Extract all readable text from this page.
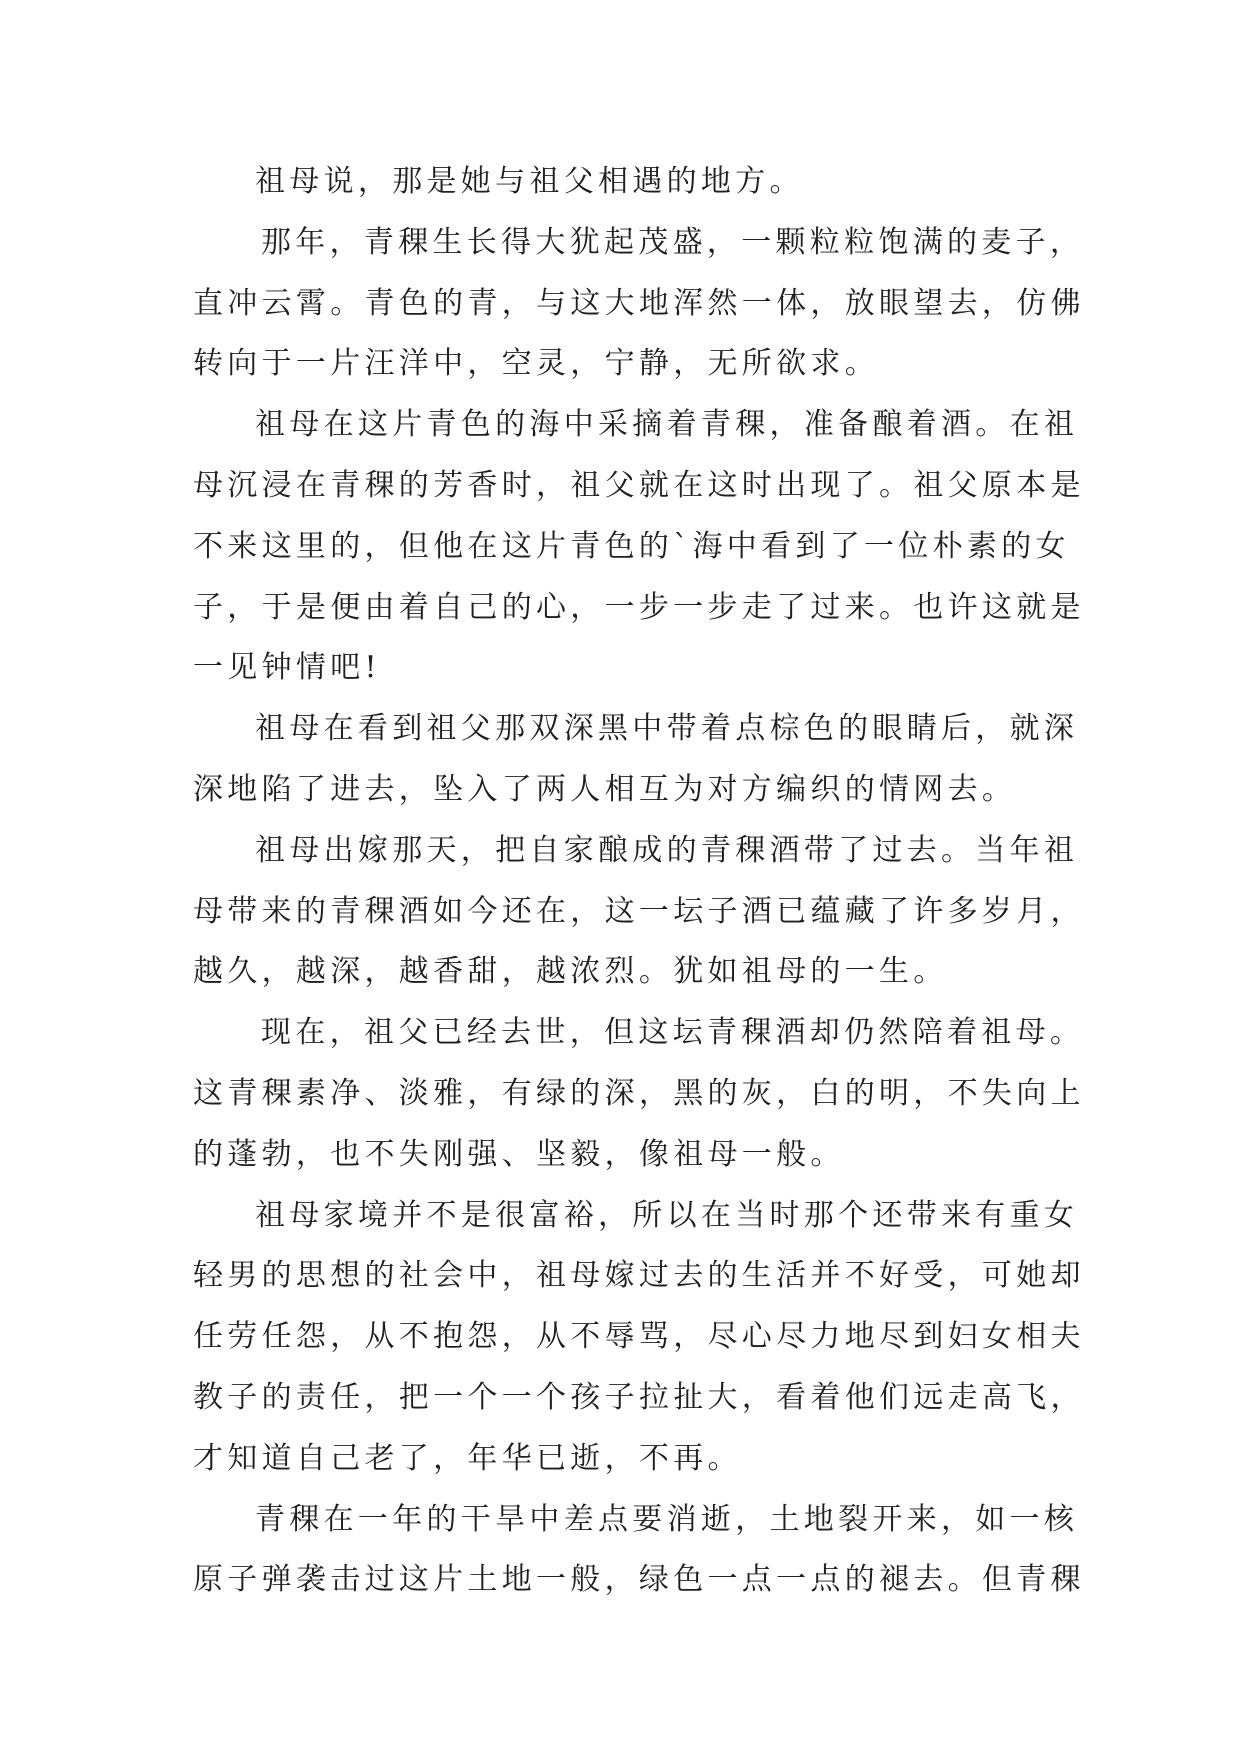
祖母说，那是她与祖父相遇的地方。
那年，青稞生长得大犹起茂盛，一颗粒粒饱满的麦子，
直冲云霄。青色的青，与这大地浑然一体，放眼望去，仿佛
转向于一片汪洋中，空灵，宁静，无所欲求。
祖母在这片青色的海中采摘着青稞，准备酿着酒。在祖
母沉浸在青稞的芳香时，祖父就在这时出现了。祖父原本是
不来这里的，但他在这片青色的`海中看到了一位朴素的女
子，于是便由着自己的心，一步一步走了过来。也许这就是
一见钟情吧!
祖母在看到祖父那双深黑中带着点棕色的眼睛后，就深
深地陷了进去，坠入了两人相互为对方编织的情网去。
祖母出嫁那天，把自家酿成的青稞酒带了过去。当年祖
母带来的青稞酒如今还在，这一坛子酒已蕴藏了许多岁月，
越久，越深，越香甜，越浓烈。犹如祖母的一生。
现在，祖父已经去世，但这坛青稞酒却仍然陪着祖母。
这青稞素净、淡雅，有绿的深，黑的灰，白的明，不失向上
的蓬勃，也不失刚强、坚毅，像祖母一般。
祖母家境并不是很富裕，所以在当时那个还带来有重女
轻男的思想的社会中，祖母嫁过去的生活并不好受，可她却
任劳任怨，从不抱怨，从不辱骂，尽心尽力地尽到妇女相夫
教子的责任，把一个一个孩子拉扯大，看着他们远走高飞，
才知道自己老了，年华已逝，不再。
青稞在一年的干旱中差点要消逝，土地裂开来，如一核
原子弹袭击过这片土地一般，绿色一点一点的褪去。但青稞
